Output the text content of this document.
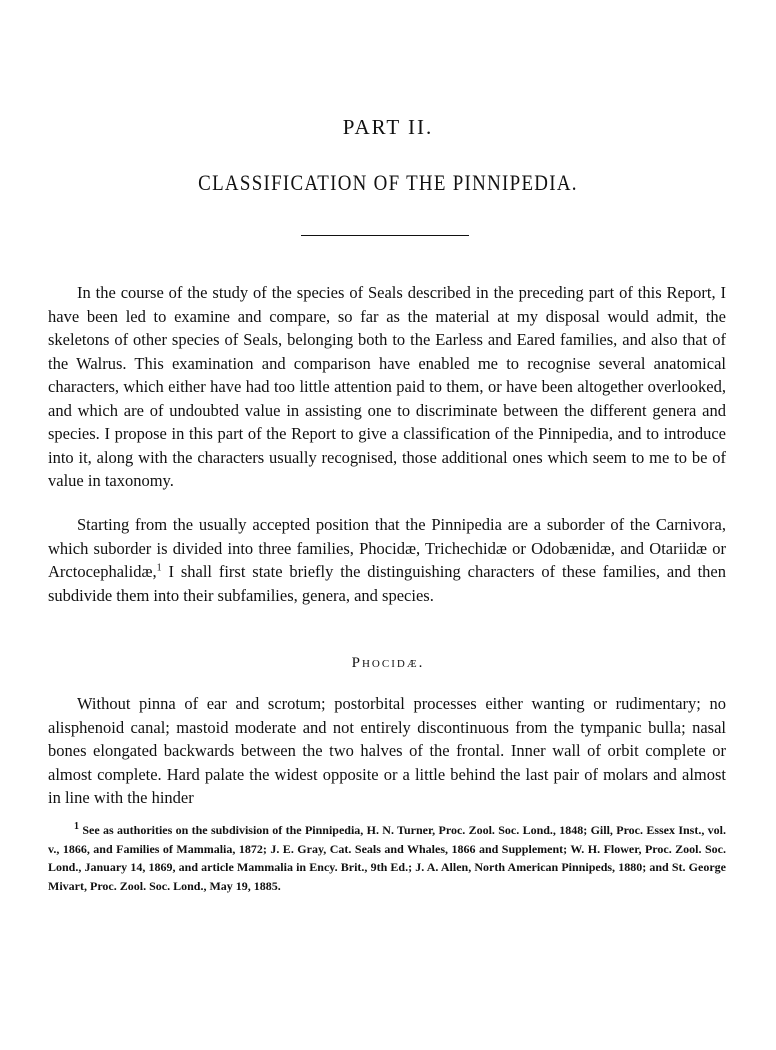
PART II.
CLASSIFICATION OF THE PINNIPEDIA.

In the course of the study of the species of Seals described in the preceding part of this Report, I have been led to examine and compare, so far as the material at my disposal would admit, the skeletons of other species of Seals, belonging both to the Earless and Eared families, and also that of the Walrus. This examination and comparison have enabled me to recognise several anatomical characters, which either have had too little attention paid to them, or have been altogether overlooked, and which are of undoubted value in assisting one to discriminate between the different genera and species. I propose in this part of the Report to give a classification of the Pinnipedia, and to introduce into it, along with the characters usually recognised, those additional ones which seem to me to be of value in taxonomy.

Starting from the usually accepted position that the Pinnipedia are a suborder of the Carnivora, which suborder is divided into three families, Phocidæ, Trichechidæ or Odobænidæ, and Otariidæ or Arctocephalidæ,$^1$ I shall first state briefly the distinguishing characters of these families, and then subdivide them into their subfamilies, genera, and species.

Phocidæ.

Without pinna of ear and scrotum; postorbital processes either wanting or rudimentary; no alisphenoid canal; mastoid moderate and not entirely discontinuous from the tympanic bulla; nasal bones elongated backwards between the two halves of the frontal. Inner wall of orbit complete or almost complete. Hard palate the widest opposite or a little behind the last pair of molars and almost in line with the hinder

$^1$ See as authorities on the subdivision of the Pinnipedia, H. N. Turner, Proc. Zool. Soc. Lond., 1848; Gill, Proc. Essex Inst., vol. v., 1866, and Families of Mammalia, 1872; J. E. Gray, Cat. Seals and Whales, 1866 and Supplement; W. H. Flower, Proc. Zool. Soc. Lond., January 14, 1869, and article Mammalia in Ency. Brit., 9th Ed.; J. A. Allen, North American Pinnipeds, 1880; and St. George Mivart, Proc. Zool. Soc. Lond., May 19, 1885.
